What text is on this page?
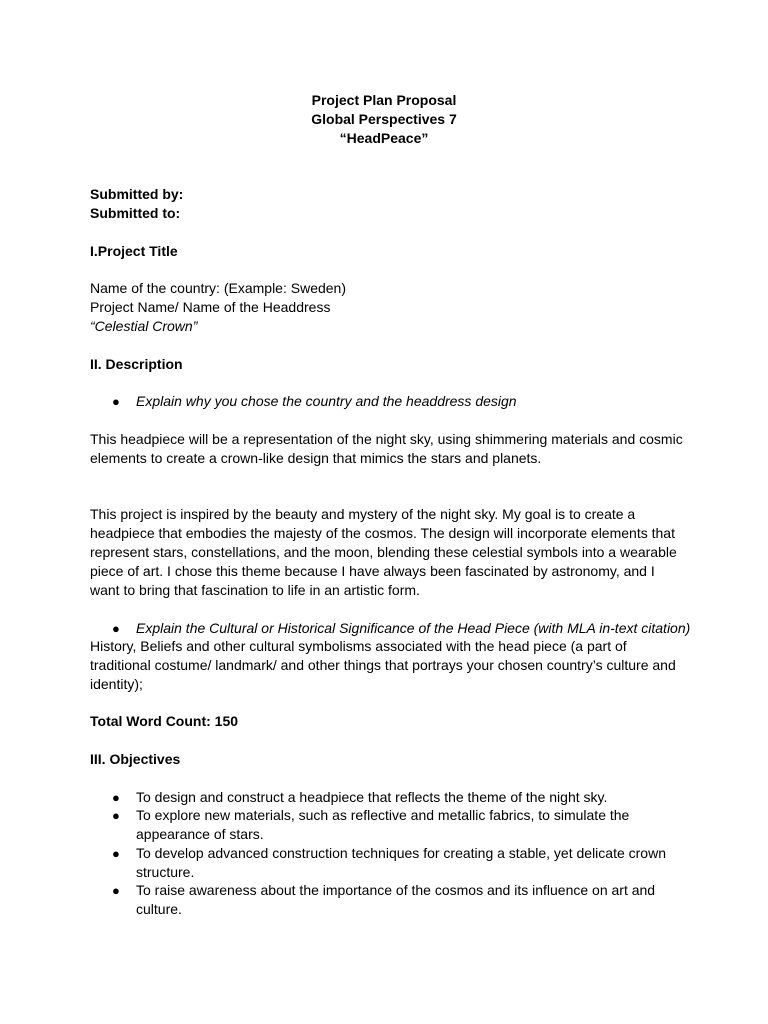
Project Plan Proposal
Global Perspectives 7
“HeadPeace”
Submitted by:
Submitted to:
I.Project Title
Name of the country: (Example: Sweden)
Project Name/ Name of the Headdress
“Celestial Crown”
II. Description
● Explain why you chose the country and the headdress design
This headpiece will be a representation of the night sky, using shimmering materials and cosmic
elements to create a crown-like design that mimics the stars and planets.
This project is inspired by the beauty and mystery of the night sky. My goal is to create a
headpiece that embodies the majesty of the cosmos. The design will incorporate elements that
represent stars, constellations, and the moon, blending these celestial symbols into a wearable
piece of art. I chose this theme because I have always been fascinated by astronomy, and I
want to bring that fascination to life in an artistic form.
● Explain the Cultural or Historical Significance of the Head Piece (with MLA in-text citation)
History, Beliefs and other cultural symbolisms associated with the head piece (a part of
traditional costume/ landmark/ and other things that portrays your chosen country’s culture and
identity);
Total Word Count: 150
III. Objectives
● To design and construct a headpiece that reflects the theme of the night sky.
● To explore new materials, such as reflective and metallic fabrics, to simulate the
appearance of stars.
● To develop advanced construction techniques for creating a stable, yet delicate crown
structure.
● To raise awareness about the importance of the cosmos and its influence on art and
culture.
